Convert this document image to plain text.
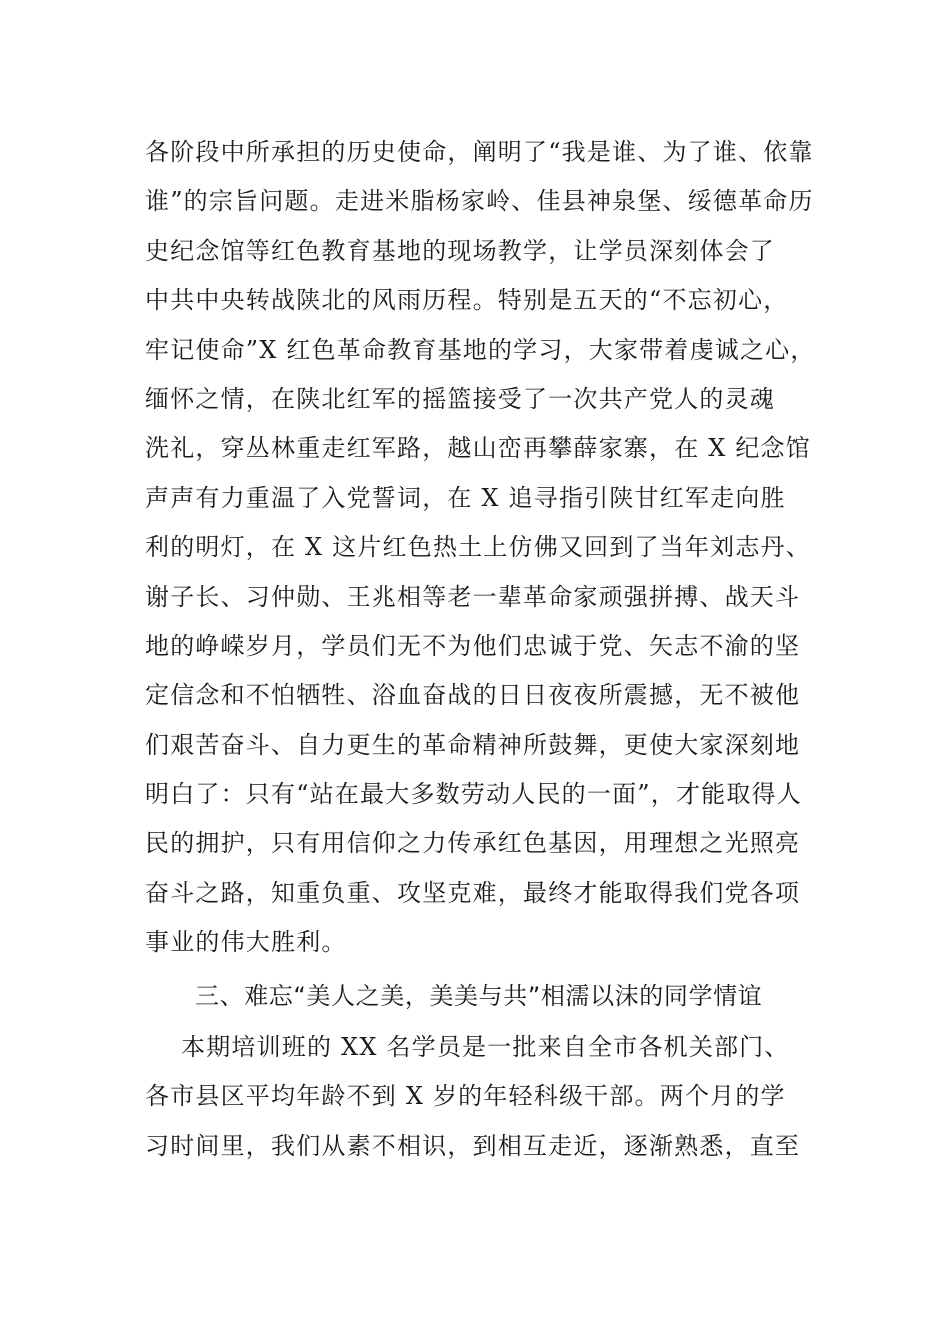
各阶段中所承担的历史使命，阐明了“我是谁、为了谁、依靠
谁”的宗旨问题。走进米脂杨家岭、佳县神泉堡、绥德革命历
史纪念馆等红色教育基地的现场教学，让学员深刻体会了
中共中央转战陕北的风雨历程。特别是五天的“不忘初心，
牢记使命”X 红色革命教育基地的学习，大家带着虔诚之心，
缅怀之情，在陕北红军的摇篮接受了一次共产党人的灵魂
洗礼，穿丛林重走红军路，越山峦再攀薛家寨，在 X 纪念馆
声声有力重温了入党誓词，在 X 追寻指引陕甘红军走向胜
利的明灯，在 X 这片红色热土上仿佛又回到了当年刘志丹、
谢子长、习仲勋、王兆相等老一辈革命家顽强拼搏、战天斗
地的峥嵘岁月，学员们无不为他们忠诚于党、矢志不渝的坚
定信念和不怕牺牲、浴血奋战的日日夜夜所震撼，无不被他
们艰苦奋斗、自力更生的革命精神所鼓舞，更使大家深刻地
明白了：只有“站在最大多数劳动人民的一面”，才能取得人
民的拥护，只有用信仰之力传承红色基因，用理想之光照亮
奋斗之路，知重负重、攻坚克难，最终才能取得我们党各项
事业的伟大胜利。
三、难忘“美人之美，美美与共”相濡以沫的同学情谊
本期培训班的 XX 名学员是一批来自全市各机关部门、
各市县区平均年龄不到 X 岁的年轻科级干部。两个月的学
习时间里，我们从素不相识，到相互走近，逐渐熟悉，直至
